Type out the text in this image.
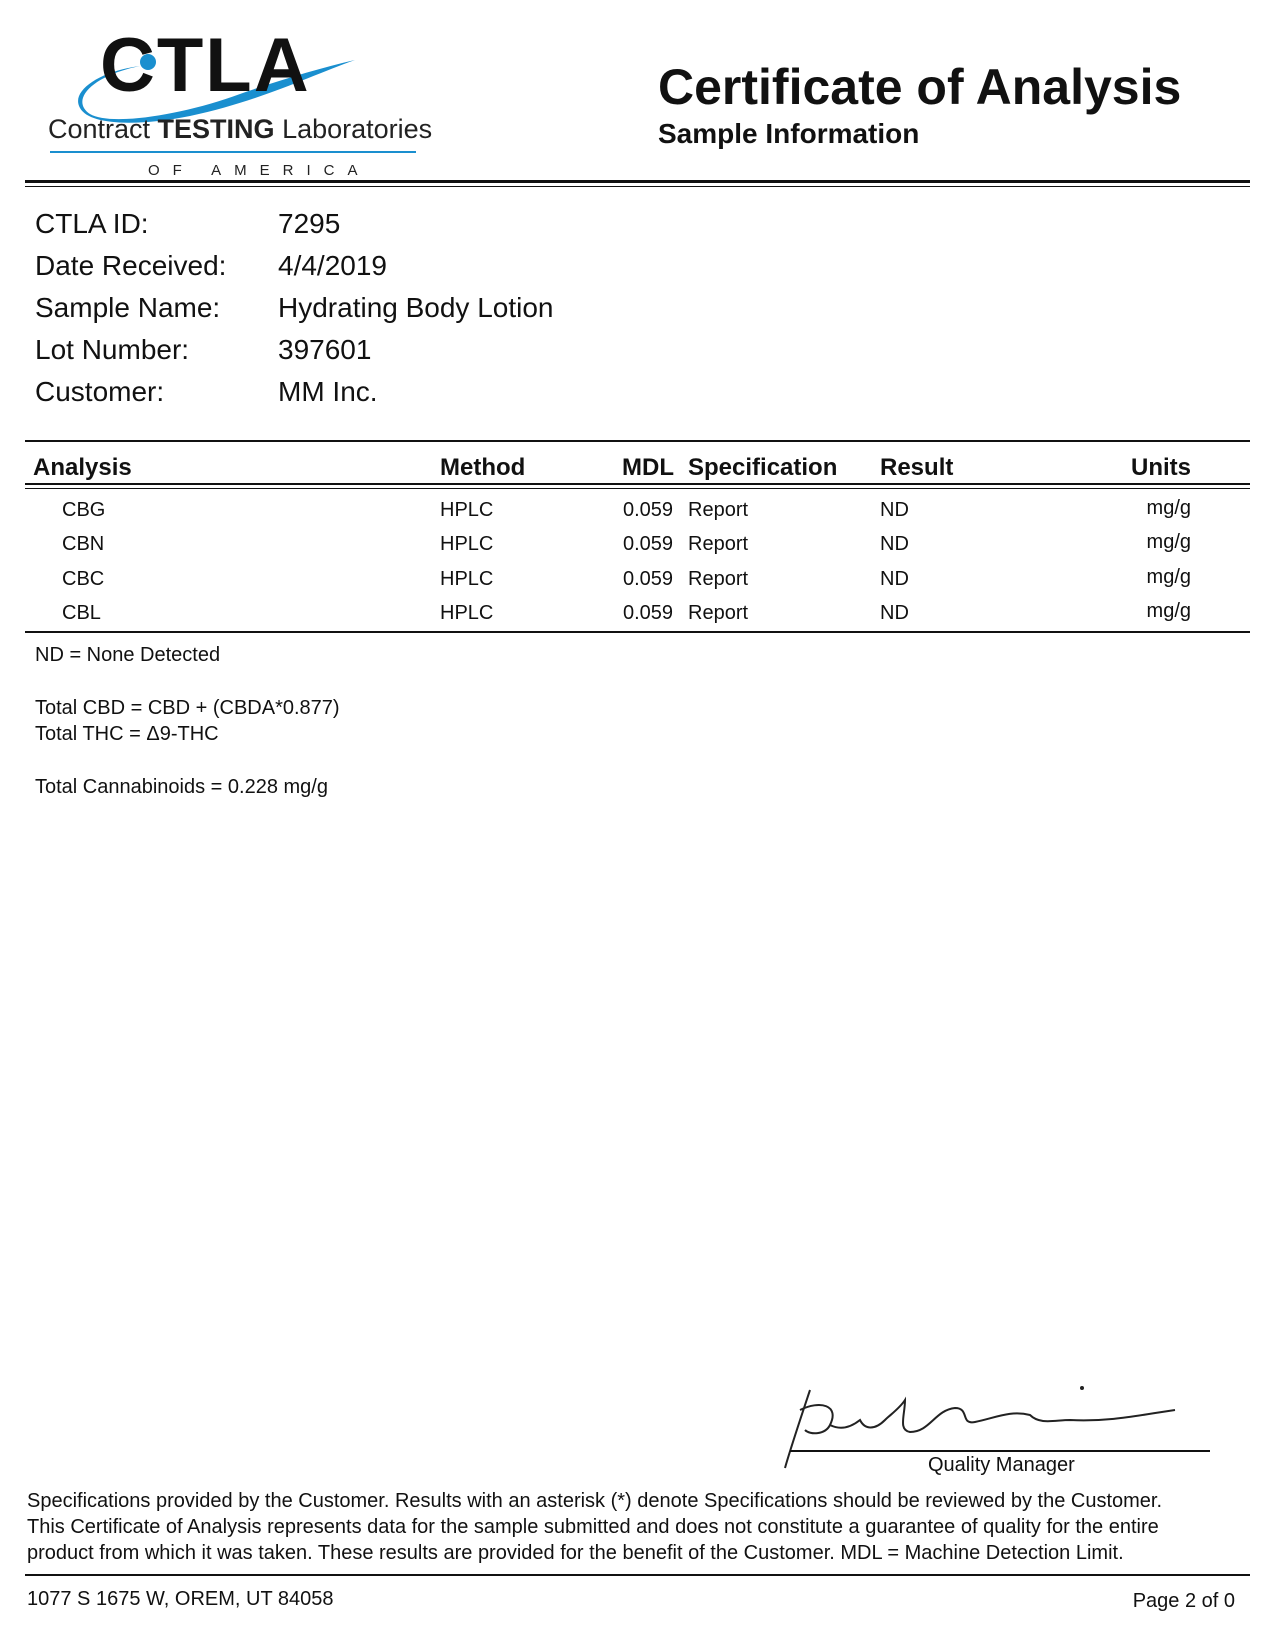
CTLA
Contract TESTING Laboratories
OF AMERICA
Certificate of Analysis
Sample Information
CTLA ID:	7295
Date Received: 4/4/2019
Sample Name: Hydrating Body Lotion
Lot Number:	397601
Customer:	MM Inc.
Analysis	Method	MDL Specification Result	Units
CBG	HPLC	0.059 Report	ND	mg/g
CBN	HPLC	0.059 Report	ND	mg/g
CBC	HPLC	0.059 Report	ND	mg/g
CBL	HPLC	0.059 Report	ND	mg/g
ND = None Detected
Total CBD = CBD + (CBDA*0.877)
Total THC = Δ9-THC
Total Cannabinoids = 0.228 mg/g
Quality Manager
Specifications provided by the Customer. Results with an asterisk (*) denote Specifications should be reviewed by the Customer.
This Certificate of Analysis represents data for the sample submitted and does not constitute a guarantee of quality for the entire
product from which it was taken. These results are provided for the benefit of the Customer. MDL = Machine Detection Limit.
1077 S 1675 W, OREM, UT 84058	Page 2 of 0
